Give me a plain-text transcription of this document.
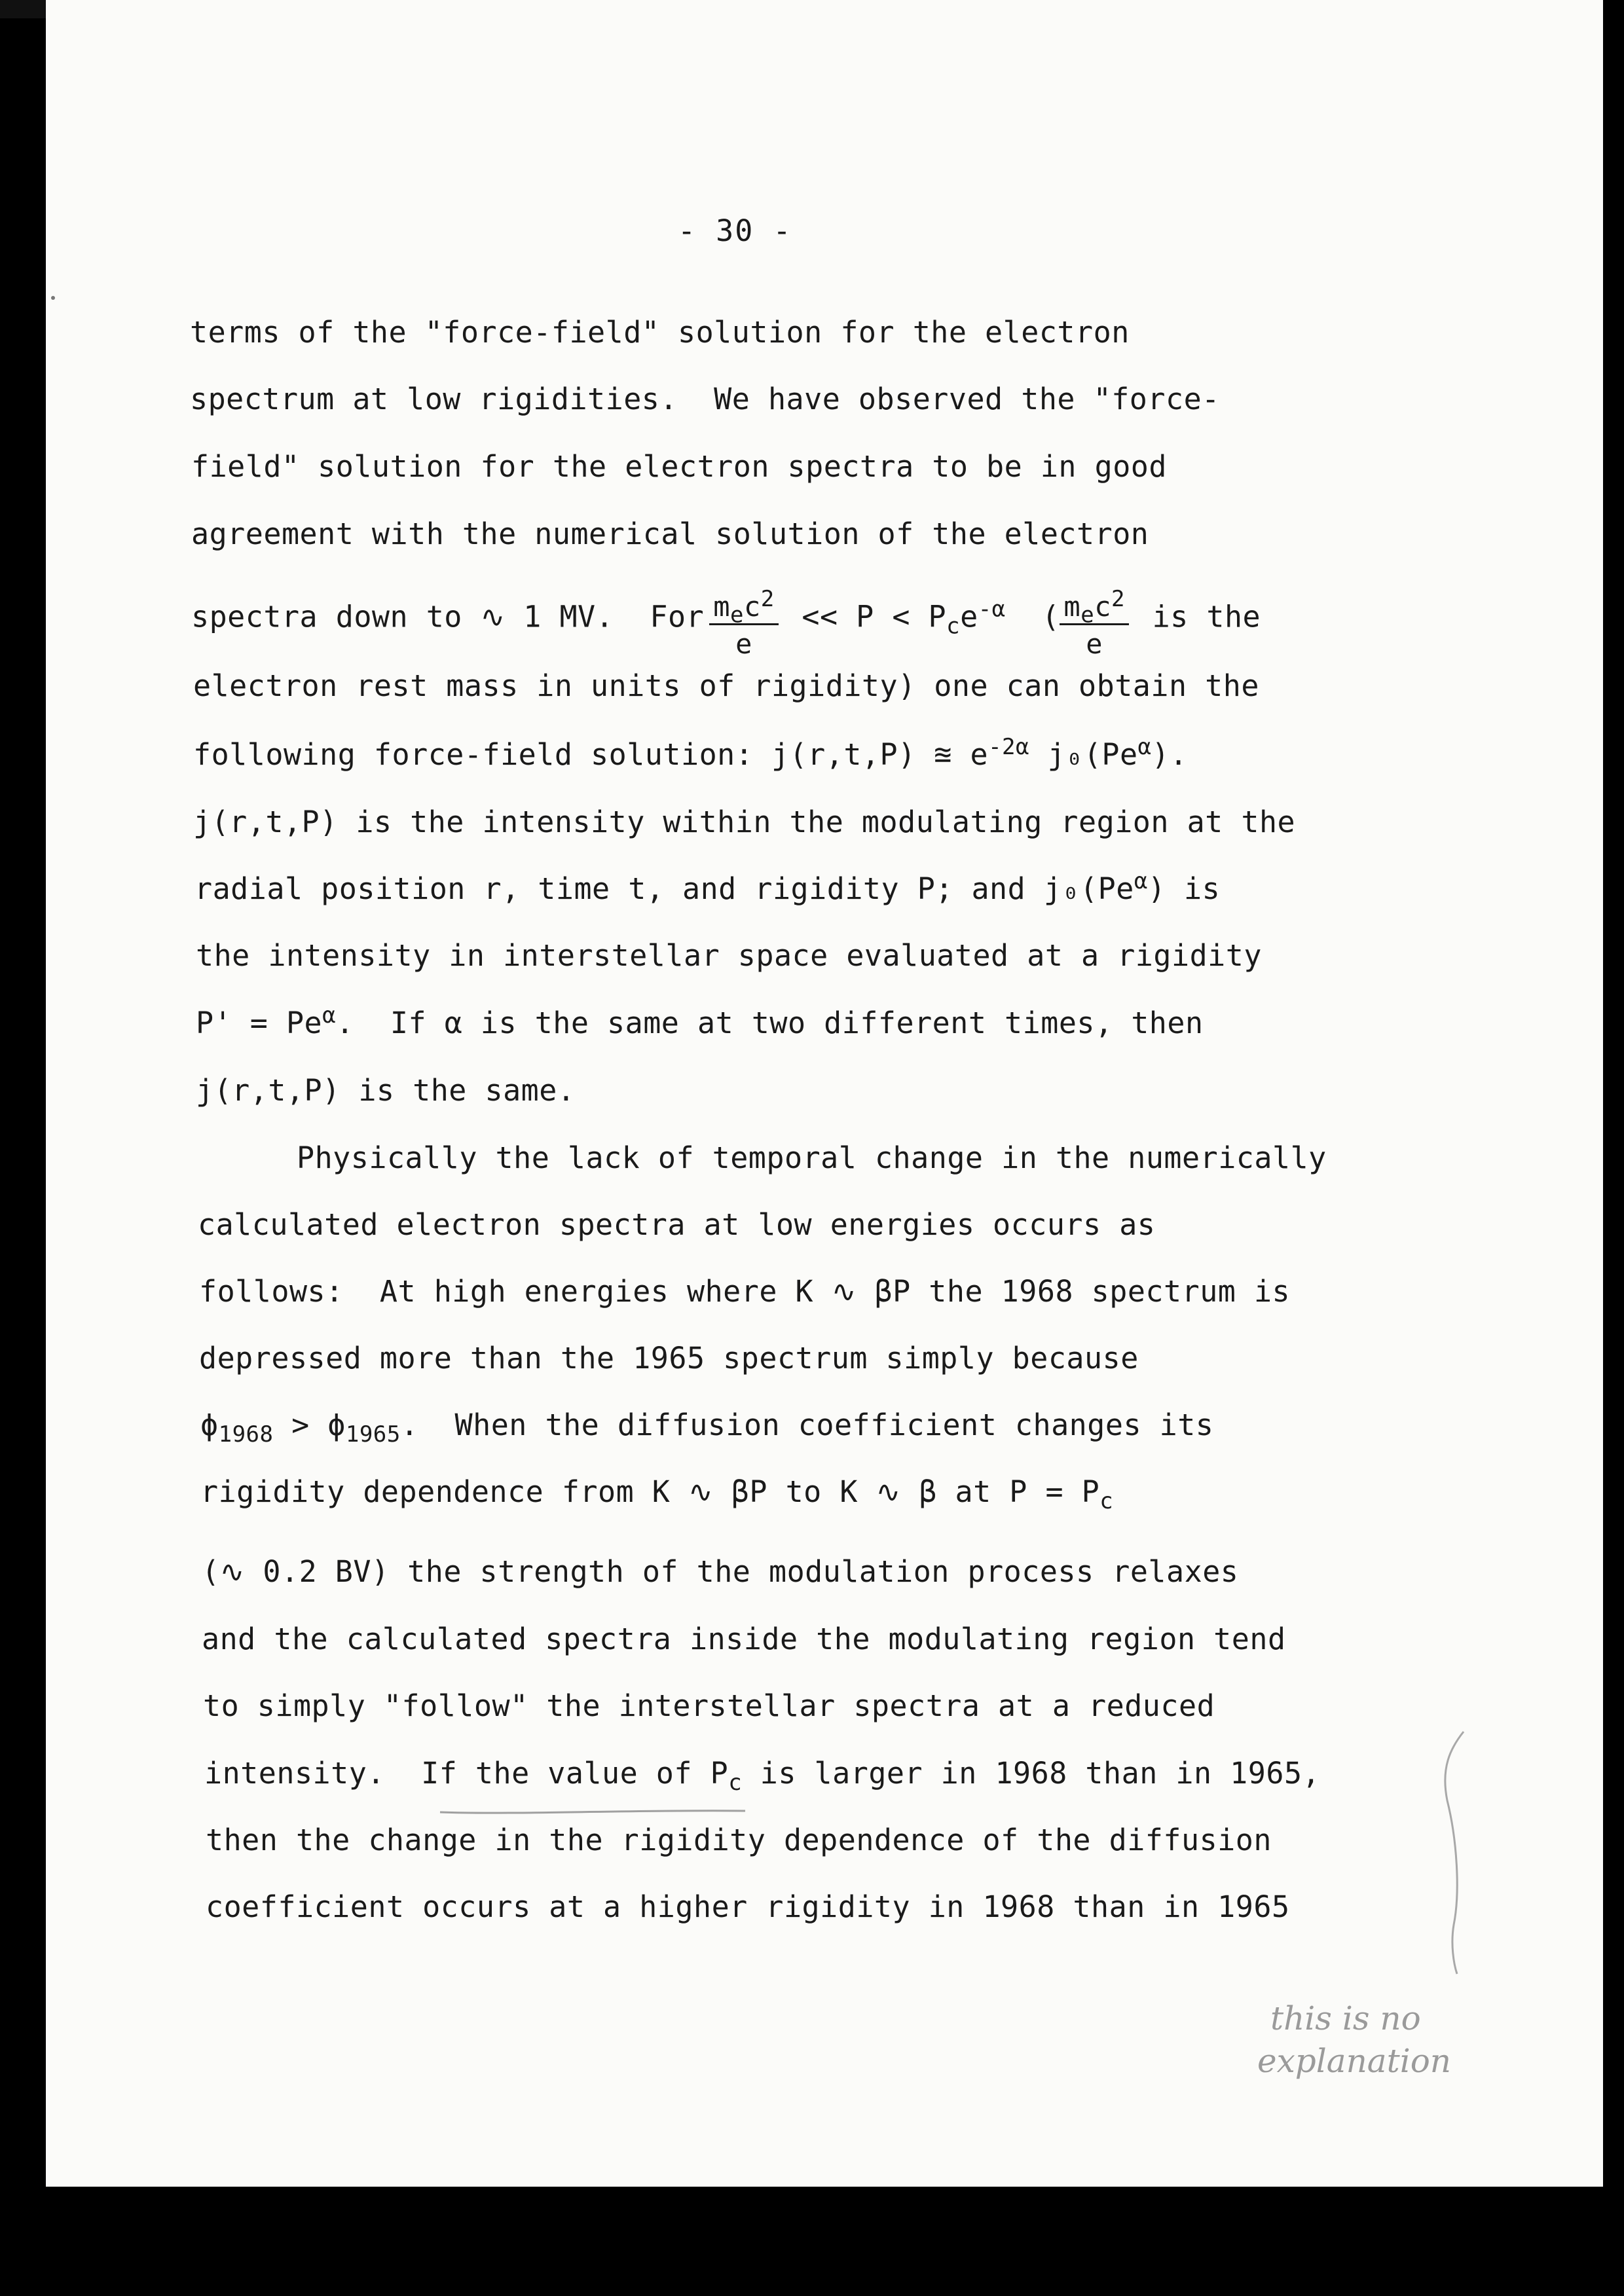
- 30 -
terms of the "force-field" solution for the electron
spectrum at low rigidities.  We have observed the "force-
field" solution for the electron spectra to be in good
agreement with the numerical solution of the electron
spectra down to ∿ 1 MV.  For $\frac{m_ec^2}{e} << P < P_ce^{-\alpha}$  ( $\frac{m_ec^2}{e}$ is the
electron rest mass in units of rigidity) one can obtain the
following force-field solution: j(r,t,P) ≊ $e^{-2\alpha}$ $j_0(Pe^\alpha)$.
j(r,t,P) is the intensity within the modulating region at the
radial position r, time t, and rigidity P; and $j_0(Pe^\alpha)$ is
the intensity in interstellar space evaluated at a rigidity
$P' = Pe^\alpha$.  If α is the same at two different times, then
j(r,t,P) is the same.
Physically the lack of temporal change in the numerically
calculated electron spectra at low energies occurs as
follows:  At high energies where K ∿ βP the 1968 spectrum is
depressed more than the 1965 spectrum simply because
$\phi_{1968} > \phi_{1965}$.  When the diffusion coefficient changes its
rigidity dependence from K ∿ βP to K ∿ β at $P = P_c$
(∿ 0.2 BV) the strength of the modulation process relaxes
and the calculated spectra inside the modulating region tend
to simply "follow" the interstellar spectra at a reduced
intensity.  If the value of $P_c$ is larger in 1968 than in 1965,
then the change in the rigidity dependence of the diffusion
coefficient occurs at a higher rigidity in 1968 than in 1965
this is no
explanation
